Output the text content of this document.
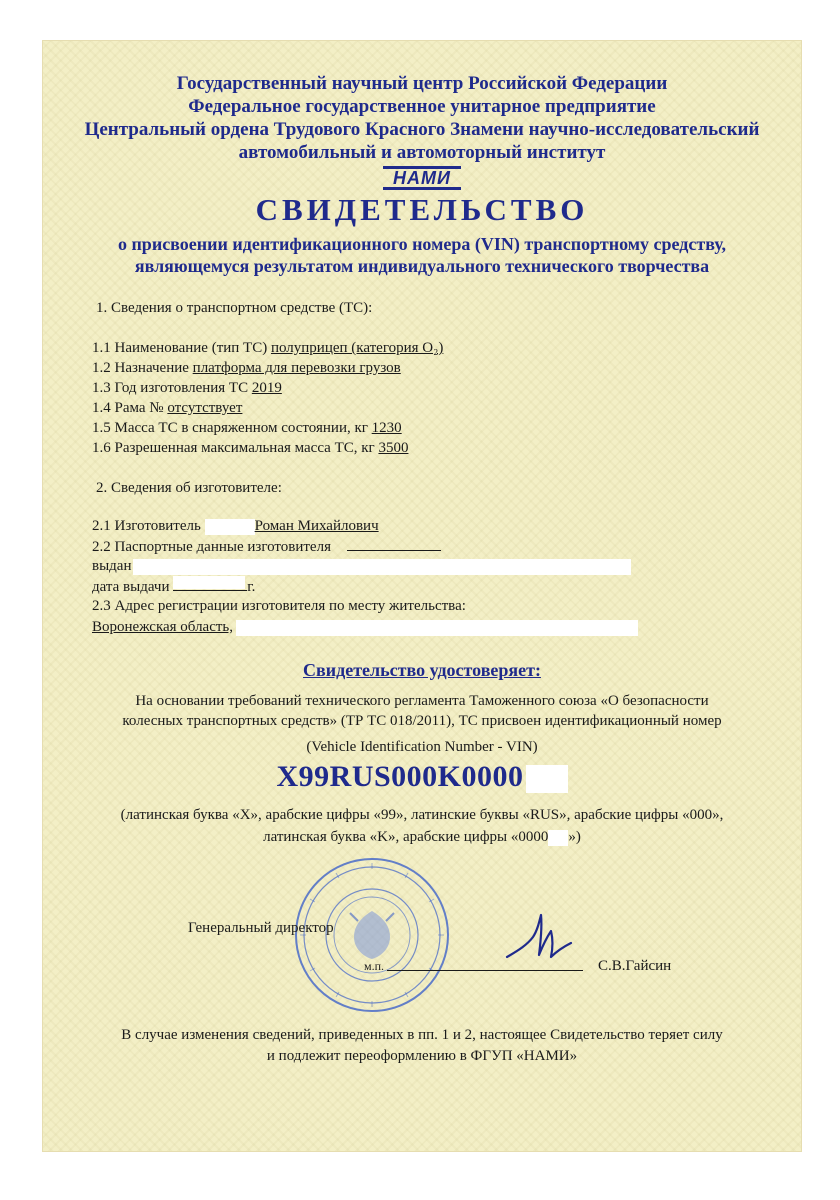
Государственный научный центр Российской Федерации
Федеральное государственное унитарное предприятие
Центральный ордена Трудового Красного Знамени научно-исследовательский
автомобильный и автомоторный институт
НАМИ
СВИДЕТЕЛЬСТВО
о присвоении идентификационного номера (VIN) транспортному средству,
являющемуся результатом индивидуального технического творчества
1. Сведения о транспортном средстве (ТС):
1.1 Наименование (тип ТС) полуприцеп (категория О₂)
1.2 Назначение платформа для перевозки грузов
1.3 Год изготовления ТС 2019
1.4 Рама № отсутствует
1.5 Масса ТС в снаряженном состоянии, кг 1230
1.6 Разрешенная максимальная масса ТС, кг 3500
2. Сведения об изготовителе:
2.1 Изготовитель	Роман Михайлович
2.2 Паспортные данные изготовителя
выдан
дата выдачи	г.
2.3 Адрес регистрации изготовителя по месту жительства:
Воронежская область,
Свидетельство удостоверяет:
На основании требований технического регламента Таможенного союза «О безопасности
колесных транспортных средств» (ТР ТС 018/2011), ТС присвоен идентификационный номер
(Vehicle Identification Number - VIN)
X99RUS000K0000
(латинская буква «X», арабские цифры «99», латинские буквы «RUS», арабские цифры «000»,
латинская буква «K», арабские цифры «0000 »)
Генеральный директор
м.п.	С.В.Гайсин
В случае изменения сведений, приведенных в пп. 1 и 2, настоящее Свидетельство теряет силу
и подлежит переоформлению в ФГУП «НАМИ»
